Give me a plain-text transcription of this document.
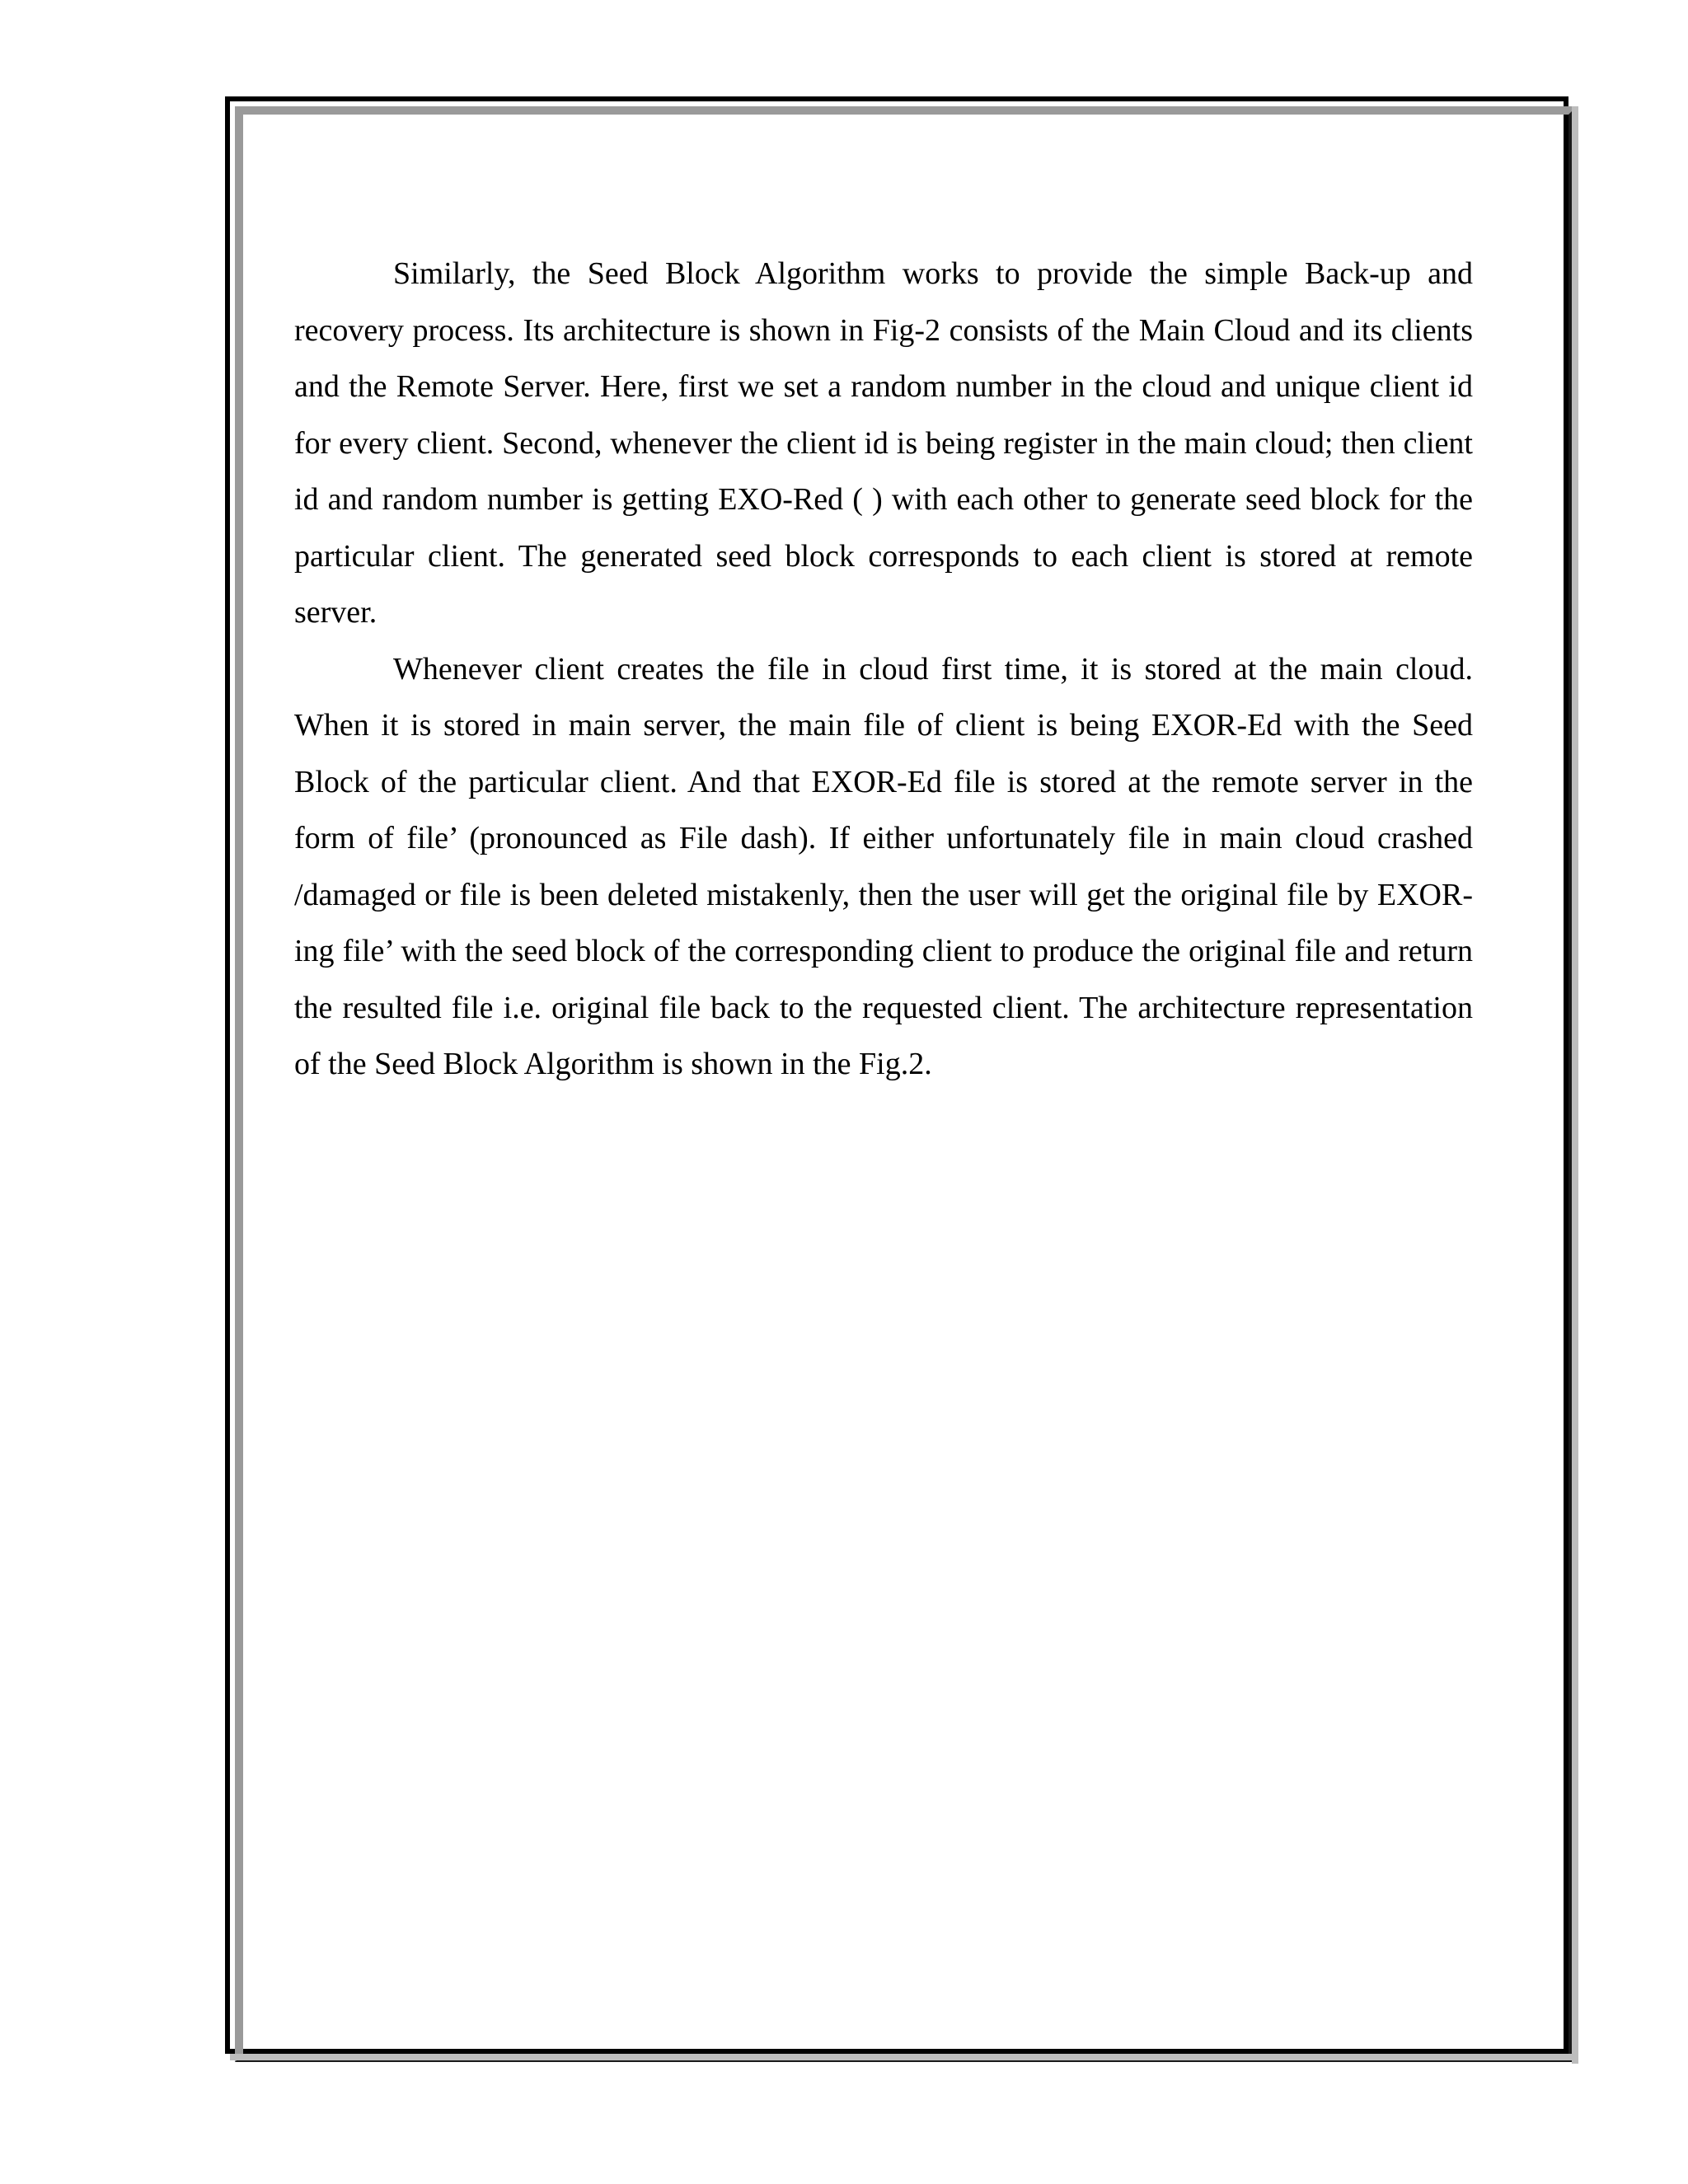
Similarly, the Seed Block Algorithm works to provide the simple Back-up and recovery process. Its architecture is shown in Fig-2 consists of the Main Cloud and its clients and the Remote Server. Here, first we set a random number in the cloud and unique client id for every client. Second, whenever the client id is being register in the main cloud; then client id and random number is getting EXO-Red ( ) with each other to generate seed block for the particular client. The generated seed block corresponds to each client is stored at remote server.

Whenever client creates the file in cloud first time, it is stored at the main cloud. When it is stored in main server, the main file of client is being EXOR-Ed with the Seed Block of the particular client. And that EXOR-Ed file is stored at the remote server in the form of file’ (pronounced as File dash). If either unfortunately file in main cloud crashed /damaged or file is been deleted mistakenly, then the user will get the original file by EXOR-ing file’ with the seed block of the corresponding client to produce the original file and return the resulted file i.e. original file back to the requested client. The architecture representation of the Seed Block Algorithm is shown in the Fig.2.
